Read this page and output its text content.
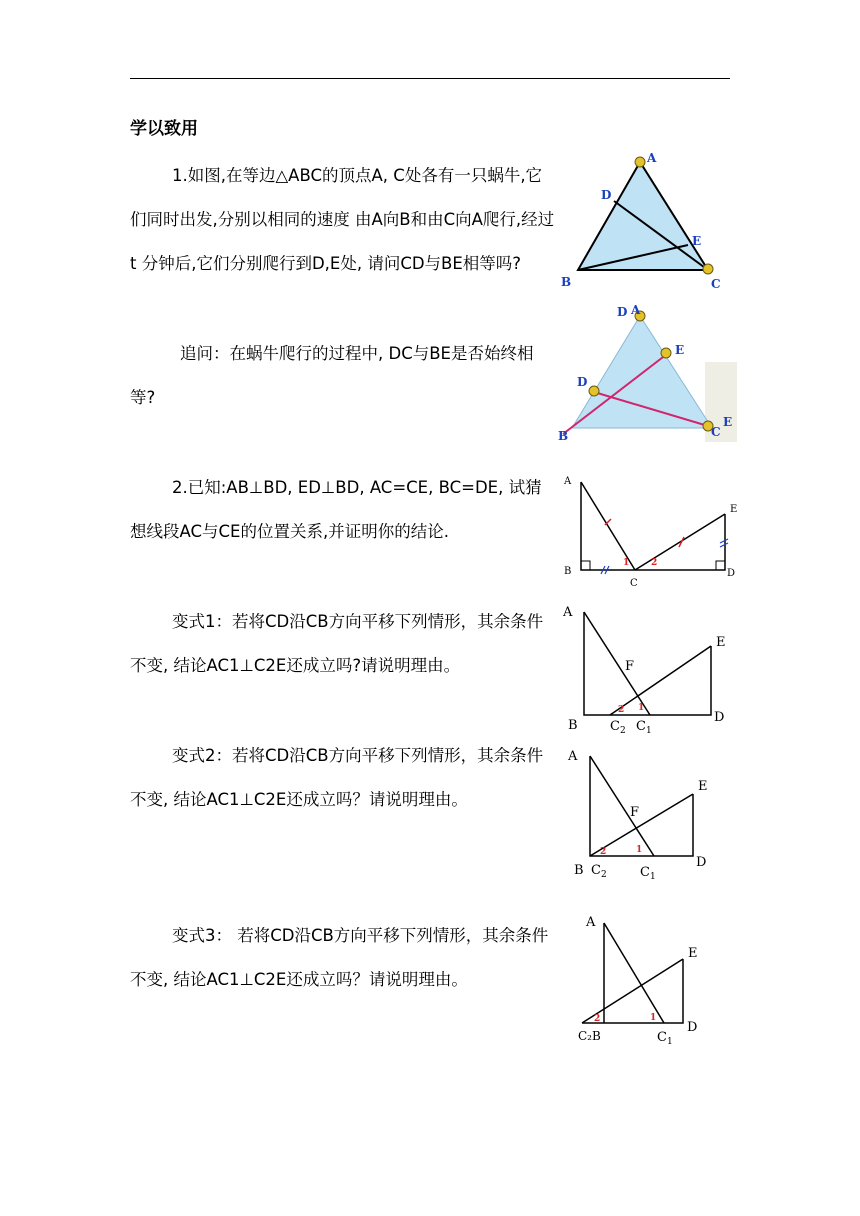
学以致用
1.如图,在等边△ABC的顶点A, C处各有一只蜗牛,它们同时出发,分别以相同的速度 由A向B和由C向A爬行,经过 t 分钟后,它们分别爬行到D,E处, 请问CD与BE相等吗?
追问：在蜗牛爬行的过程中, DC与BE是否始终相等?
2.已知:AB⊥BD, ED⊥BD, AC=CE, BC=DE, 试猜想线段AC与CE的位置关系,并证明你的结论.
变式1：若将CD沿CB方向平移下列情形，其余条件不变, 结论AC1⊥C2E还成立吗?请说明理由。
变式2：若将CD沿CB方向平移下列情形，其余条件不变, 结论AC1⊥C2E还成立吗？请说明理由。
变式3： 若将CD沿CB方向平移下列情形，其余条件不变, 结论AC1⊥C2E还成立吗？请说明理由。
A
D
E
B	C
D A
E
D
B	C
E
1 2
A
E
B
C
D
A
F
E
B
D
$C_2$ $C_1$
2 1
A
F
E
B
D
$C_2$	$C_1$
2	1
A
E
D
C₂B	$C_1$
2	1
